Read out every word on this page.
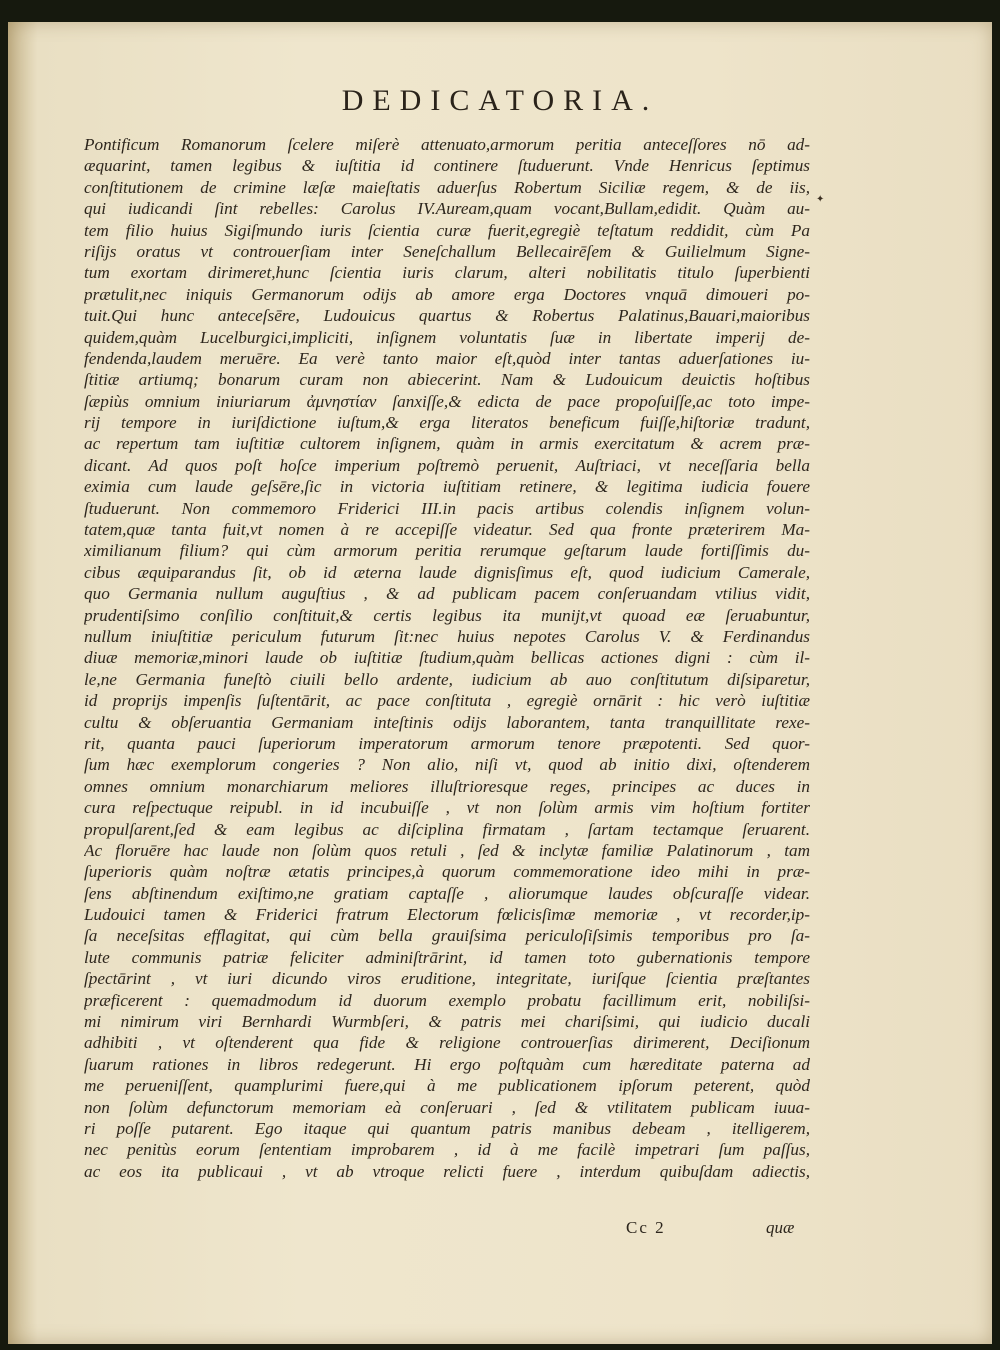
DEDICATORIA.
✦
Pontificum Romanorum ſcelere miſerè attenuato,armorum peritia anteceſſores nō ad-
æquarint, tamen legibus & iuſtitia id continere ſtuduerunt. Vnde Henricus ſeptimus
conſtitutionem de crimine læſæ maieſtatis aduerſus Robertum Siciliæ regem, & de iis,
qui iudicandi ſint rebelles: Carolus IV.Auream,quam vocant,Bullam,edidit. Quàm au-
tem filio huius Sigiſmundo iuris ſcientia curæ fuerit,egregiè teſtatum reddidit, cùm Pa
riſijs oratus vt controuerſiam inter Seneſchallum Bellecairēſem & Guilielmum Signe-
tum exortam dirimeret,hunc ſcientia iuris clarum, alteri nobilitatis titulo ſuperbienti
prætulit,nec iniquis Germanorum odijs ab amore erga Doctores vnquā dimoueri po-
tuit.Qui hunc anteceſsēre, Ludouicus quartus & Robertus Palatinus,Bauari,maioribus
quidem,quàm Lucelburgici,impliciti, inſignem voluntatis ſuæ in libertate imperij de-
fendenda,laudem meruēre. Ea verè tanto maior eſt,quòd inter tantas aduerſationes iu-
ſtitiæ artiumq; bonarum curam non abiecerint. Nam & Ludouicum deuictis hoſtibus
ſæpiùs omnium iniuriarum ἀμνηστίαν ſanxiſſe,& edicta de pace propoſuiſſe,ac toto impe-
rij tempore in iuriſdictione iuſtum,& erga literatos beneficum fuiſſe,hiſtoriæ tradunt,
ac repertum tam iuſtitiæ cultorem inſignem, quàm in armis exercitatum & acrem præ-
dicant. Ad quos poſt hoſce imperium poſtremò peruenit, Auſtriaci, vt neceſſaria bella
eximia cum laude geſsēre,ſic in victoria iuſtitiam retinere, & legitima iudicia fouere
ſtuduerunt. Non commemoro Friderici III.in pacis artibus colendis inſignem volun-
tatem,quæ tanta fuit,vt nomen à re accepiſſe videatur. Sed qua fronte præterirem Ma-
ximilianum filium? qui cùm armorum peritia rerumque geſtarum laude fortiſſimis du-
cibus æquiparandus ſit, ob id æterna laude dignisſimus eſt, quod iudicium Camerale,
quo Germania nullum auguſtius , & ad publicam pacem conſeruandam vtilius vidit,
prudentiſsimo conſilio conſtituit,& certis legibus ita munijt,vt quoad eæ ſeruabuntur,
nullum iniuſtitiæ periculum futurum ſit:nec huius nepotes Carolus V. & Ferdinandus
diuæ memoriæ,minori laude ob iuſtitiæ ſtudium,quàm bellicas actiones digni : cùm il-
le,ne Germania funeſtò ciuili bello ardente, iudicium ab auo conſtitutum diſsiparetur,
id proprijs impenſis ſuſtentārit, ac pace conſtituta , egregiè ornārit : hic verò iuſtitiæ
cultu & obſeruantia Germaniam inteſtinis odijs laborantem, tanta tranquillitate rexe-
rit, quanta pauci ſuperiorum imperatorum armorum tenore præpotenti. Sed quor-
ſum hæc exemplorum congeries ? Non alio, niſi vt, quod ab initio dixi, oſtenderem
omnes omnium monarchiarum meliores illuſtrioresque reges, principes ac duces in
cura reſpectuque reipubl. in id incubuiſſe , vt non ſolùm armis vim hoſtium fortiter
propulſarent,ſed & eam legibus ac diſciplina firmatam , ſartam tectamque ſeruarent.
Ac floruēre hac laude non ſolùm quos retuli , ſed & inclytæ familiæ Palatinorum , tam
ſuperioris quàm noſtræ ætatis principes,à quorum commemoratione ideo mihi in præ-
ſens abſtinendum exiſtimo,ne gratiam captaſſe , aliorumque laudes obſcuraſſe videar.
Ludouici tamen & Friderici fratrum Electorum fœlicisſimæ memoriæ , vt recorder,ip-
ſa neceſsitas efflagitat, qui cùm bella grauiſsima periculoſiſsimis temporibus pro ſa-
lute communis patriæ feliciter adminiſtrārint, id tamen toto gubernationis tempore
ſpectārint , vt iuri dicundo viros eruditione, integritate, iuriſque ſcientia præſtantes
præficerent : quemadmodum id duorum exemplo probatu facillimum erit, nobiliſsi-
mi nimirum viri Bernhardi Wurmbſeri, & patris mei chariſsimi, qui iudicio ducali
adhibiti , vt oſtenderent qua fide & religione controuerſias dirimerent, Deciſionum
ſuarum rationes in libros redegerunt. Hi ergo poſtquàm cum hæreditate paterna ad
me perueniſſent, quamplurimi fuere,qui à me publicationem ipſorum peterent, quòd
non ſolùm defunctorum memoriam eà conſeruari , ſed & vtilitatem publicam iuua-
ri poſſe putarent. Ego itaque qui quantum patris manibus debeam , itelligerem,
nec penitùs eorum ſententiam improbarem , id à me facilè impetrari ſum paſſus,
ac eos ita publicaui , vt ab vtroque relicti fuere , interdum quibuſdam adiectis,
Cc 2	quæ
